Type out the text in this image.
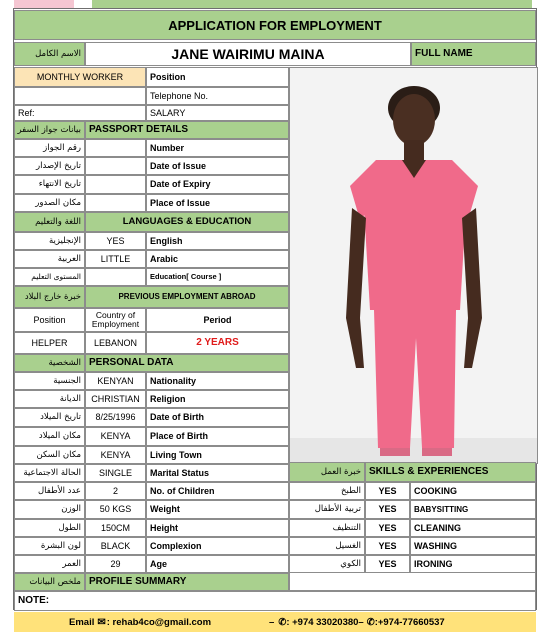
APPLICATION FOR EMPLOYMENT
الاسم الكامل	JANE WAIRIMU MAINA	FULL NAME
MONTHLY WORKER	Position
Telephone No.
Ref:	SALARY
بيانات جواز السفر PASSPORT DETAILS
رقم الجواز	Number
تاريخ الإصدار	Date of Issue
تاريخ الانتهاء	Date of Expiry
مكان الصدور	Place of Issue
اللغة والتعليم	LANGUAGES & EDUCATION
الإنجليزية	YES	English
العربية	LITTLE	Arabic
المستوى التعليم	Education[ Course ]
خبرة خارج البلاد	PREVIOUS EMPLOYMENT ABROAD
Position	Country of Employment	Period
HELPER	LEBANON	2 YEARS
الشخصية PERSONAL DATA
الجنسية	KENYAN	Nationality
الديانة	CHRISTIAN	Religion
تاريخ الميلاد	8/25/1996	Date of Birth
مكان الميلاد	KENYA	Place of Birth
مكان السكن	KENYA	Living Town
الحالة الاجتماعية	SINGLE	Marital Status
عدد الأطفال	2	No. of Children
الوزن	50 KGS	Weight
الطول	150CM	Height
لون البشرة	BLACK	Complexion
العمر	29	Age
خبرة العمل SKILLS & EXPERIENCES
الطبخ	YES	COOKING
تربية الأطفال	YES	BABYSITTING
التنظيف	YES	CLEANING
الغسيل	YES	WASHING
الكوي	YES	IRONING
ملخص البيانات PROFILE SUMMARY
NOTE:
Email ✉ : rehab4co@gmail.com	– ✆ : +974 33020380– ✆ :+974-77660537
